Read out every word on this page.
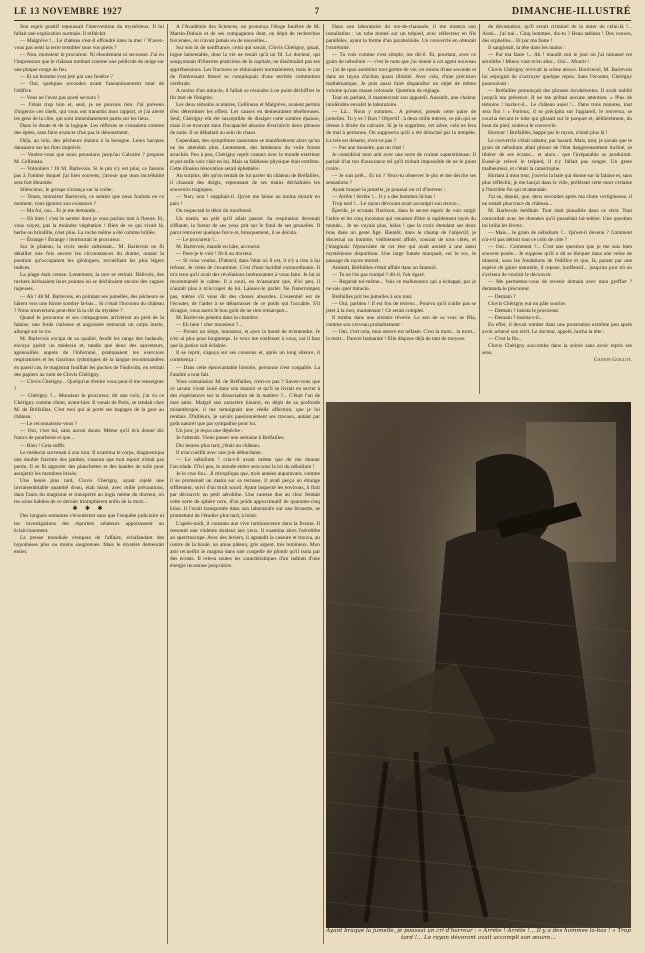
LE 13 NOVEMBRE 1927	7	DIMANCHE-ILLUSTRÉ

Son esprit positif repoussait l'intervention du mystérieux. Il lui fallait une explication normale. Il réfléchit.

— Malgrève !... Le château s'est-il effondré dans la mer ? N'avez-vous pas senti la terre trembler sous vos pieds ?

— Non, monsieur le procureur. Ni éboulement ni secousse. J'ai eu l'impression que le château tombait comme une pellicule de neige sur une plaque rouge au feu.

— Et un homme s'est jeté par une fenêtre ?

— Oui, quelques secondes avant l'anéantissement total de l'édifice.

— Vous ne l'avez pas porté secours ?

— J'étais trop loin et, seul, je ne pouvais rien. J'ai prévenu d'urgence ces chefs, qui vous ont transmis mon rapport, et j'ai alerté les gens de la côte, qui sont immédiatement partis sur les lieux.

Dans le doute et de la logique. Les réflexes se croisaient comme des épées, sans faire avancer d'un pas le dénouement.

Déjà, au loin, des pêcheurs étaient à la besogne. Leurs barques dansaient sur les flots imprécis.

— Voulez-vous que nous poussions jusqu'au Calvaire ? propose M. Cellineau.

— Volontiers ! fit M. Barlevois. Si le pin n'y est plus, ce faisons pas à l'ombre duquel j'ai bien souvent, j'avoue que mon incrédulité sera fort ébranlée.

Silencieux, le groupe s'avança sur la voûte.

— Tenez, monsieur Barlevois, ce sentier que nous foulons en ce moment, vous ignorez son existence ?

— Ma foi, oui... Et je me demande...

— Eh bien ! c'est le sentier dont je vous parlais tout à l'heure. Et, vous voyez, pas la moindre végétation ! Rien de ce qui vivait là, herbe ou brindille, n'est plus. La roche même a été comme brûlée.

— Étrange ! Étrange ! murmurait le procureur.

Sur le plateau, la croix seule subsistait... M. Barlevois ne fit détailler une fois encore les circonstances du drame, notant la position qu'occupaient les géologues, recueillant les plus légers indices.

La plage était creuse. Lentement, la mer se retirait. Délivrés, des rochers hérissaient leurs pointes où se déchiraient encore des vagues rageuses.

— Ah ! dit M. Barlevois, en pointant ses jumelles, des pêcheurs se hâtent vers une forme sombre là-bas... Si c'était l'inconnu du château ? Nous trouverions peut-être là la clé du mystère ?

Quand le procureur et ses compagnons arrivèrent au pied de la falaise, une foule curieuse et angoissée entourait un corps inerte, allongé sur le roc.

M. Barlevois excipa de sa qualité, fendit les rangs des badauds, envoya quérir un médecin et, tandis que deux des sauveteurs, agenouillés auprès de l'infortuné, pratiquaient les exercices respiratoires et les tractions rythmiques de la langue recommandées en pareil cas, le magistrat fouillait les poches de l'individu, en retirait des papiers au nom de Clovis Chérigny.

— Clovis Chérigny... Quelqu'un d'entre vous peut-il me renseigner ?

— Chérigny ?... Monsieur le procureur, dit une voix, j'ai vu ce Chérigny comme client, avant-hier. Il venait de Paris, se rendait chez M. de Bréfailles. C'est moi qui ai porté ses bagages de la gare au château.

— Le reconnaissez-vous ?

— Oui, c'est lui, sans aucun doute. Même qu'il m'a donné dix francs de pourboire et que...

— Bien ! Cela suffit.

Le médecin survenait à son tour. Il examina le corps, diagnostiqua une double fracture des jambes, s'assura que tout espoir n'était pas perdu. Il se fit apporter des planchettes et des bandes de toile pour assujettir les membres brisés.

Une heure plus tard, Clovis Chérigny, ayant rejeté une invraisemblable quantité d'eau, était hissé, avec mille précautions, dans l'auto du magistrat et transporté au logis même du docteur, où les soins habiles de ce dernier triomphèrent enfin de la mort...

✱ ✱ ✱

Des longues semaines s'écoulèrent sans que l'enquête judiciaire ni les investigations des reporters zélateurs apportassent un éclaircissement.

La presse mondiale s'empara de l'affaire, échafaudant des hypothèses plus ou moins saugrenues. Mais le mystère demeurait entier.

A l'Académie des Sciences, un prononça l'éloge funèbre de M. Martin-Dubois et de ses compagnons dont, en dépit de recherches forcenées, on n'avait jamais eu de nouvelles...

Sur son lit de souffrance, celui qui savait, Clovis Chérigny, gisait, logue lamentable, dont la vie ne tenait qu'à un fil. Le docteur, qui soupçonnait d'illustres praticiens de la capitale, ne dissimulait pas ses appréhensions. Les fractures se réduisaient normalement, mais le cas de l'intéressant blessé se compliquait d'une terrible commotion cérébrale.

A moins d'un miracle, il fallait se résoudre à ne point déchiffrer le fin mot de l'énigme.

Les deux témoins oculaires, Cellineau et Malgrève, avaient permis d'en déterminer les effets. Les causes en demeuraient ténébreuses. Seul, Chérigny eût été susceptible de dissiper cette sombre épaisse, mais il se trouvait dans l'incapacité absolue d'esclaircir deux phrases de suite. Il se débattait au sein du chaos.

Cependant, des symptômes rassurants se manifestèrent alors qu'on ne les attendait plus. Lentement, des lambeaux du voile furent arrachés. Peu à peu, Chérigny reprit contact avec le monde extérieur et put enfin voir clair en lui. Mais sa faiblesse physique était extrême. Cette illusion rénovation serait éphémère.

Au surplus, dès qu'on tentait de lui parler du château de Bréfailles, il chassait des doigts, repoussant de ses mains déchaînées les souvenirs tragiques.

— Non, non ! suppliait-il. Qu'on me laisse au moins mourir en paix !

On respectait le désir du moribond.

Un matin, un prêt qu'il allait passer. Sa respiration devenait sifflante, la fureur de ses yeux prit sur le fond de ses prunelles. Il parut retrouver quelque force et, brusquement, il se décida.

— Le procureur !...

M. Barlevois, mandé en hâte, accourut.

— Pure-je le voir ! fit-il au docteur.

— Si vous voulez. D'abord, dans l'état où il est, il n'y a rien à lui refuser. Je viens de l'examiner. C'est d'une lucidité extraordinaire. Il m'a tenu qu'il avait des révélations intéressantes à vous faire. Je lui ai recommandé le calme. Il a souri, en m'assurant que, d'ici peu, il n'aurait plus à m'occuper de lui. Laissez-le parler. Ne l'interrompez pas, même s'il vous dit des choses absurdes. L'essentiel est de l'écouter, de l'aider à se débarrasser de ce poids qui l'accable. S'il divague, vous aurez le bon goût de ne rien remarquer...

M. Barlevois pénétra dans la chambre.

— Eh bien ! cher monsieur ?...

— Prenez un siège, monsieur, et ayez la bonté de m'entendre. Je n'en ai plus pour longtemps. Je veux me confesser à vous, car il faut que la justice soit éclairée.

Il se reprit, s'apaya sur ses coussins et, après un long silence, il commença :

— Dans cette épouvantable histoire, personne n'est coupable. La Fatalité a tout fait.

Vous connaissiez M. de Bréfailles, n'est-ce pas ? Savez-vous que ce savant vivait isolé dans son manoir et qu'il se livrait en secret à des expériences sur la dissociation de la matière ?... C'était l'un de mes amis. Malgré son caractère bizarre, en dépit de sa profonde misanthropie, il me témoignait une réelle affection, que je lui rendais. D'ailleurs, je savais passionnément ses travaux, autant par goût naturel que par sympathie pour lui.

Un jour, je reçus une dépêche :

Je t'attends. Viens passer une semaine à Bréfailles.

Dix heures plus tard, j'étais au château.

Il m'accueillit avec une joie débordante.

— Le nébulium ! cria-t-il avant même que de me donner l'accolade. D'ici peu, le monde entier sera sous la loi du nébulium !

Je le crus fou... Il m'expliqua que, trois années auparavant, comme il se promenait un matin sur sa terrasse, il avait perçu un étrange sifflement, suivi d'un bruit sourd. Ayant inspecté les environs, il finit par découvrir un petit aérolithe. Une caresse due au choc fendait cette sorte de sphère ocre, d'un poids approximatif de quarante-cinq kilos. Il l'avait transportée dans son laboratoire sur une brouette, se promettant de l'étudier plus tard, à loisir.

L'après-midi, il constata une vive luminescence dans la fissure. Il ressentit une violente douleur aux yeux. Il examina alors l'aérolithe au spectroscope. Avec des leviers, il agrandit la cassure et trouva, au centre de la boule, un amas pâteux, gris argent, très lumineux. Mon ami recueillit le magma dans une coupelle de plomb qu'il isola par des écrans. Il releva toutes les caractéristiques d'un radium d'une énergie inconnue jusqu'alors.

Dans son laboratoire du rez-de-chaussée, il me montra son installation : un tube monté sur un trépied, avec réflecteur en fils parallèles, ayant la forme d'un parabolöide. Un couvercle en obturait l'extrémité.

— Tu vois comme c'est simple, me dit-il. Et, pourtant, avec ce grain de nébulium — c'est le nom que j'ai donné à cet agent nouveau — j'ai de quoi annihiler tout germe de vie, en moins d'une seconde et dans un rayon d'action quasi illimité. Avec cela, d'une précision mathématique. Je puis aussi faire disparaître un objet de même volume qu'une masse colossale. Question de réglage.

Tout en parlant, il manœuvrait son appareil. Aussitôt, une chaleur intolérable envahit le laboratoire.

— Là... Nous y sommes... A présent, prends cette paire de jumelles. Tu y es ? Bon ! Objectif : à deux mille mètres, ce pin qui se dresse à droite du calvaire. Si je le supprime, cet arbre, cela ne fera de mal à personne. On supposera qu'il a été déraciné par la tempête. La très est déserte, n'est-ce pas ?

— Pas une mouette, pas un chat !

Je considérai mon ami avec une sorte de crainte superstitieuse. Il parlait d'un ton d'assurance tel qu'il m'était impossible de ne le point croire.

— Je suis prêt... Et toi ? Veux-tu observer le pin et me décrire tes sensations ?

Ayant braqué la jumelle, je poussai un cri d'horreur :

— Arrête ! Arrête !... Il y a des hommes là-bas !

Trop tard !... Le rayon dévorant avait accompli son œuvre...

Éperdu, je scrutais l'horizon, dans le secret espoir de voir surgir l'arbre et les cinq inconnus qui venaient d'être si rapidement rayés du monde... Je ne voyais plus, hélas ! que la croix étendant ses deux bras dans un geste figé. Bientôt, dans le champ de l'objectif, je discernai un homme, visiblement affolé, courant de tous côtés, et j'imaginais l'épouvante de cet être qui avait assisté à une aussi mystérieuse disparition. Une large fumée marquait, sur le roc, le passage du rayon mortel.

Anéanti, Bréfailles s'était affalé dans un fauteuil.

— Tu ne t'es pas trompé ? dit-il, l'air égaré.

— Regarde toi-même... Vois ce malheureux qui a échappé, par je ne sais quel miracle.

Bréfailles prit les jumelles à son tour.

— Oui, parbleu ! Il est fou de terreur... Pourvu qu'il n'aille pas se jeter à la mer, maintenant ! Ce serait complet.

Il tomba dans une sinistre rêverie. Le son de sa voix se fêla, comme son cerveau probablement :

— Oui, c'est cela, mon œuvre est néfaste. C'est la mort... la mort... la mort... Pauvre humanité ! Elle dispose déjà de tant de moyens

de dévastation, qu'il serait criminel de la doter de celui-là !... Ainsi... j'ai tué... Cinq hommes, dis-tu ? Beau tableau ! Des veuves, des orphelins... Et par ma faute !

Il sanglotait, la tête dans les mains :

— Par ma faute !... Ah ! maudit soit le jour où j'ai ramassé cet aérolithe ! Mieux vaut m'en aller... Oui... Mourir !

Clovis Chérigny revivait la scène atroce. Boulversé, M. Barlevois lui enjoignit de s'octroyer quelque repos. Sans l'écouter, Chérigny poursuivait :

— Bréfailles prononçait des phrases incohérentes. Il avait oublié jusqu'à ma présence. Il ne me prêtait aucune attention. « Plus de témoins ! hurla-t-il... Le château aussi !... Dans trois minutes, tout sera fini ! » Furieux, il se précipita sur l'appareil, le renversa, se coucha devant le tube qui glissait sur le parquet et, délibérément, du bout du pied, souleva le couvercle.

Horreur ! Bréfailles, happé par le rayon, n'était plus là !

Le couvercle s'était rabattu, par hasard. Mais, moi, je savais que le grain de nébulium allait plisser de l'état dangereusement incliné, se libérer de ses écrans... et alors... que l'irréparable se produirait. Eussé-je relevé le trépied, il n'y fallait pas songer. Un geste malheureux, et c'était la catastrophe.

Hurlant à mon tour, j'ouvris la baie qui donne sur la falaise et, sans plus réfléchir, je me lançai dans le vide, préférant cette mort certaine à l'horrible fin qui m'attendait.

J'ai su, depuis, que, deux secondes après ma chute vertigineuse, il ne restait plus trace du château...

M. Barlevois méditait. Tout était plausible dans ce récit. Tout concordait avec les données qu'il possédait lui-même. Une question lui brûla les lèvres :

— Mais... le grain de nébulium ?... Qu'est-il devenu ? Comment n'a-t-il pas détruit tout ce coin de côte ?

— Oui... Comment ?... C'est une question que je me suis bien souvent posée... Je suppose qu'il a dû se bloquer dans une veine de minerai, sous les fondations de l'édifice et que, là, parant par une espèce de gaine naturelle, il repose, inoffensif... jusqu'au jour où on s'avisera de vouloir le découvrir.

— Me permettez-vous de revenir demain avec mon greffier ? demanda le procureur.

— Demain ?

Clovis Chérigny eut un pâle sourire.

— Demain ? insista le procureur.

— Demain ? insista-t-il...

En effet, il devait tomber dans une prostration extrême peu après avoir achevé son récit. Le docteur, appelé, hocha la tête :

— C'est la fin...

Clovis Chérigny succomba dans la soirée sans avoir repris ses sens.

Gaston Guillot.

Ayant braqué la jumelle, je poussai un cri d'horreur : « Arrête ! Arrête !... Il y a des hommes là-bas ! » Trop tard !... Le rayon dévorant avait accompli son œuvre...
